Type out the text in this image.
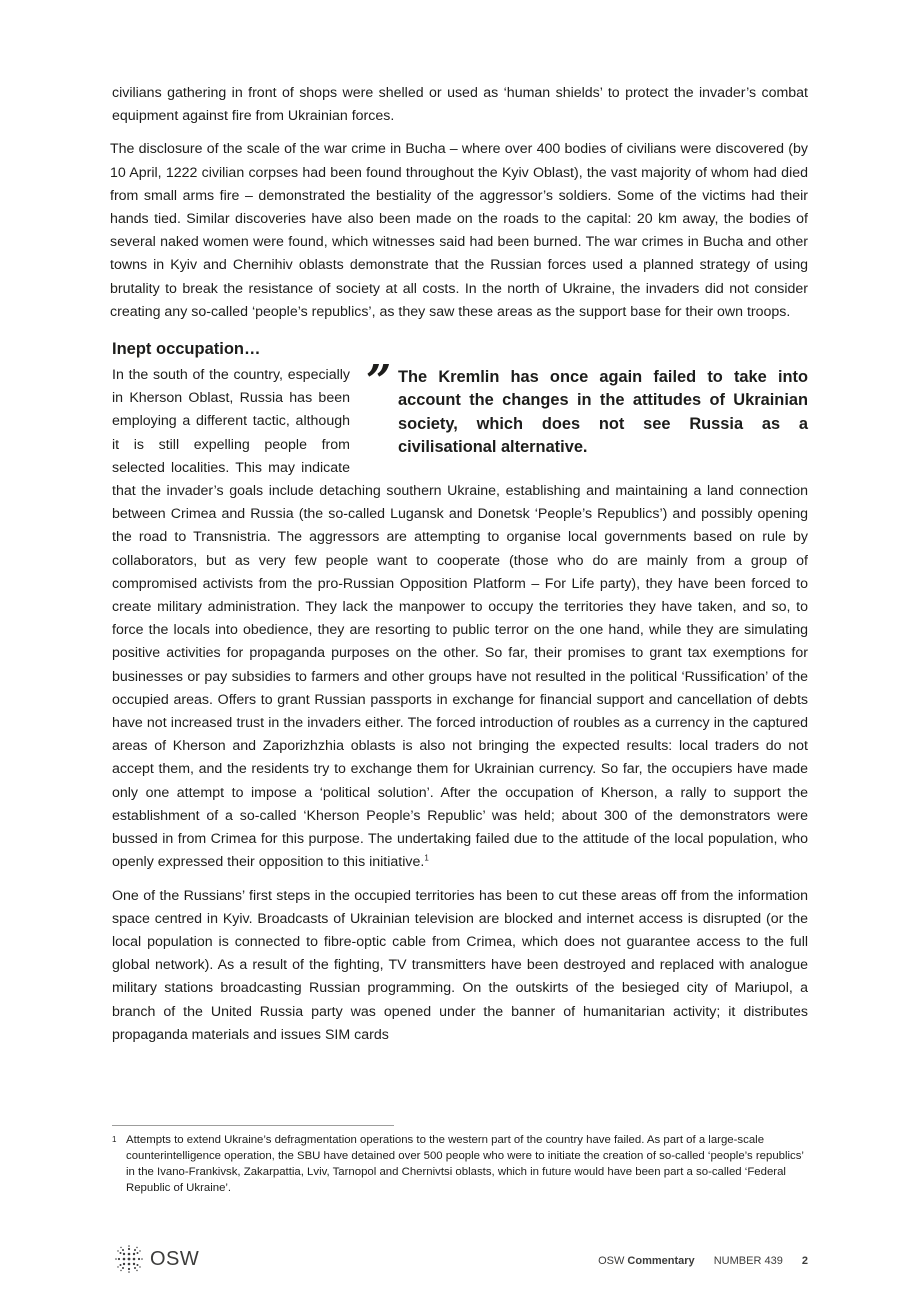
civilians gathering in front of shops were shelled or used as ‘human shields’ to protect the invader’s combat equipment against fire from Ukrainian forces.

The disclosure of the scale of the war crime in Bucha – where over 400 bodies of civilians were discovered (by 10 April, 1222 civilian corpses had been found throughout the Kyiv Oblast), the vast majority of whom had died from small arms fire – demonstrated the bestiality of the aggressor’s soldiers. Some of the victims had their hands tied. Similar discoveries have also been made on the roads to the capital: 20 km away, the bodies of several naked women were found, which witnesses said had been burned. The war crimes in Bucha and other towns in Kyiv and Chernihiv oblasts demonstrate that the Russian forces used a planned strategy of using brutality to break the resistance of society at all costs. In the north of Ukraine, the invaders did not consider creating any so-called ‘people’s republics’, as they saw these areas as the support base for their own troops.

Inept occupation…
” The Kremlin has once again failed to take into account the changes in the attitudes of Ukrainian society, which does not see Russia as a civilisational alternative.

In the south of the country, especially in Kherson Oblast, Russia has been employing a different tactic, although it is still expelling people from selected localities. This may indicate that the invader’s goals include detaching southern Ukraine, establishing and maintaining a land connection between Crimea and Russia (the so-called Lugansk and Donetsk ‘People’s Republics’) and possibly opening the road to Transnistria. The aggressors are attempting to organise local governments based on rule by collaborators, but as very few people want to cooperate (those who do are mainly from a group of compromised activists from the pro-Russian Opposition Platform – For Life party), they have been forced to create military administration. They lack the manpower to occupy the territories they have taken, and so, to force the locals into obedience, they are resorting to public terror on the one hand, while they are simulating positive activities for propaganda purposes on the other. So far, their promises to grant tax exemptions for businesses or pay subsidies to farmers and other groups have not resulted in the political ‘Russification’ of the occupied areas. Offers to grant Russian passports in exchange for financial support and cancellation of debts have not increased trust in the invaders either. The forced introduction of roubles as a currency in the captured areas of Kherson and Zaporizhzhia oblasts is also not bringing the expected results: local traders do not accept them, and the residents try to exchange them for Ukrainian currency. So far, the occupiers have made only one attempt to impose a ‘political solution’. After the occupation of Kherson, a rally to support the establishment of a so-called ‘Kherson People’s Republic’ was held; about 300 of the demonstrators were bussed in from Crimea for this purpose. The undertaking failed due to the attitude of the local population, who openly expressed their opposition to this initiative.$^1$

One of the Russians’ first steps in the occupied territories has been to cut these areas off from the information space centred in Kyiv. Broadcasts of Ukrainian television are blocked and internet access is disrupted (or the local population is connected to fibre-optic cable from Crimea, which does not guarantee access to the full global network). As a result of the fighting, TV transmitters have been destroyed and replaced with analogue military stations broadcasting Russian programming. On the outskirts of the besieged city of Mariupol, a branch of the United Russia party was opened under the banner of humanitarian activity; it distributes propaganda materials and issues SIM cards

1 Attempts to extend Ukraine’s defragmentation operations to the western part of the country have failed. As part of a large-scale counterintelligence operation, the SBU have detained over 500 people who were to initiate the creation of so-called ‘people’s republics’ in the Ivano-Frankivsk, Zakarpattia, Lviv, Tarnopol and Chernivtsi oblasts, which in future would have been part a so-called ‘Federal Republic of Ukraine’.
OSW	OSW Commentary NUMBER 439 2
